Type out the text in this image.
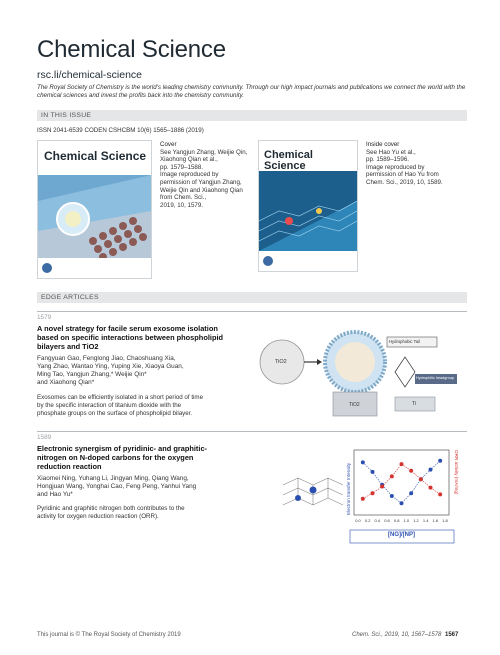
Chemical Science
rsc.li/chemical-science
The Royal Society of Chemistry is the world’s leading chemistry community. Through our high impact journals and publications we connect the world with the chemical sciences and invest the profits back into the chemistry community.
IN THIS ISSUE
ISSN 2041-6539 CODEN CSHCBM 10(6) 1565–1886 (2019)
Chemical Science
Cover
See Yangjun Zhang, Weijie Qin,
Xiaohong Qian et al.,
pp. 1579–1588.
Image reproduced by
permission of Yangjun Zhang,
Weijie Qin and Xiaohong Qian
from Chem. Sci.,
2019, 10, 1579.
Chemical Science
Inside cover
See Hao Yu et al.,
pp. 1589–1596.
Image reproduced by
permission of Hao Yu from
Chem. Sci., 2019, 10, 1589.
EDGE ARTICLES
1579
A novel strategy for facile serum exosome isolation
based on specific interactions between phospholipid
bilayers and TiO2
Fangyuan Gao, Fenglong Jiao, Chaoshuang Xia,
Yang Zhao, Wantao Ying, Yuping Xie, Xiaoya Guan,
Ming Tao, Yangjun Zhang,* Weijie Qin*
and Xiaohong Qian*
Exosomes can be efficiently isolated in a short period of time
by the specific interaction of titanium dioxide with the
phosphate groups on the surface of phospholipid bilayer.
TiO2
TiO2
Hydrophobic Tail
Hydrophilic headgroup
Ti
1589
Electronic synergism of pyridinic- and graphitic-
nitrogen on N-doped carbons for the oxygen
reduction reaction
Xiaomei Ning, Yuhang Li, Jingyan Ming, Qiang Wang,
Hongjuan Wang, Yonghai Cao, Feng Peng, Yanhui Yang
and Hao Yu*
Pyridinic and graphitic nitrogen both contributes to the
activity for oxygen reduction reaction (ORR).
0.0 0.2 0.4 0.6 0.8 1.0 1.2 1.4 1.6 1.8
Electron transfer Intensity	ORR activity (mA/mg)
[NG]/[NP]
This journal is © The Royal Society of Chemistry 2019	Chem. Sci., 2019, 10, 1567–1578 1567
